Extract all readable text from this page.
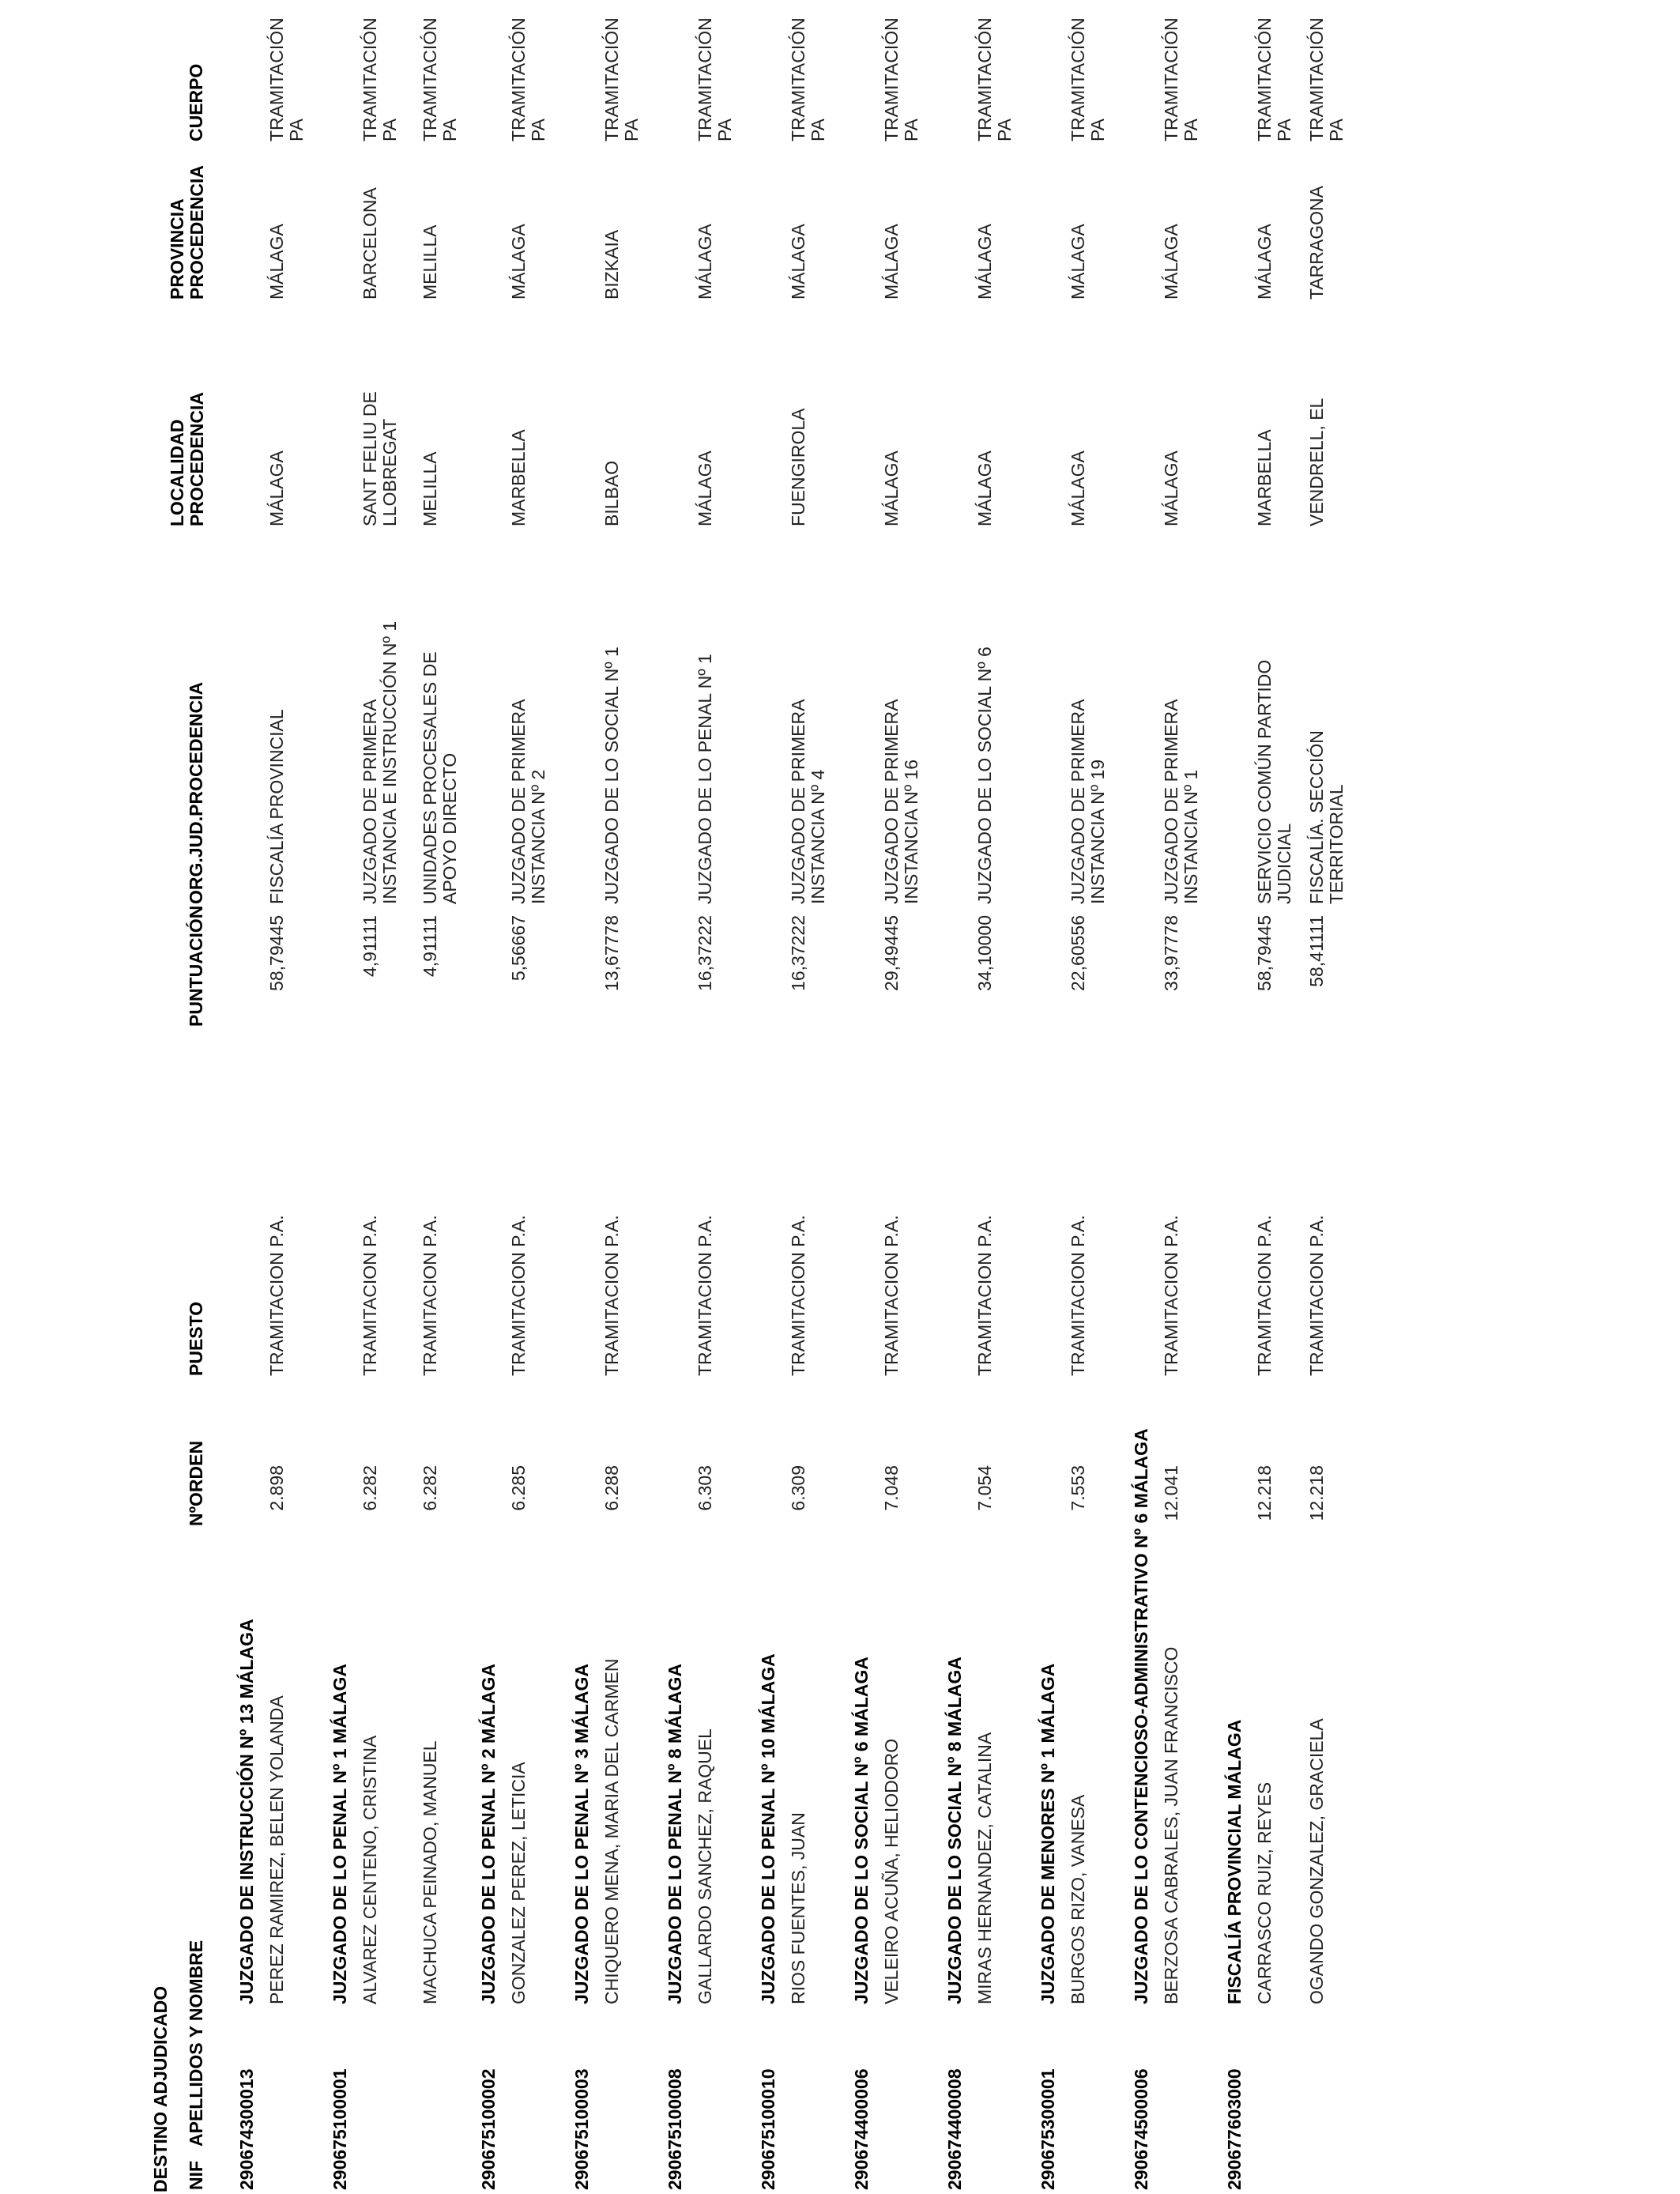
DESTINO ADJUDICADO NIF
APELLIDOS Y NOMBRE
NºORDEN
PUESTO
PUNTUACIÓN
ORG.JUD.PROCEDENCIA
LOCALIDAD PROCEDENCIA
PROVINCIA PROCEDENCIA
CUERPO
290674300013
JUZGADO DE INSTRUCCIÓN Nº 13 MÁLAGA PEREZ RAMIREZ, BELEN YOLANDA
2.898
TRAMITACION P.A.
58,79445
FISCALÍA PROVINCIAL
MÁLAGA
MÁLAGA
TRAMITACIÓN PA
290675100001
JUZGADO DE LO PENAL Nº 1 MÁLAGA ALVAREZ CENTENO, CRISTINA
6.282
TRAMITACION P.A.
4,91111
JUZGADO DE PRIMERA INSTANCIA E INSTRUCCIÓN Nº 1
SANT FELIU DE LLOBREGAT
BARCELONA
TRAMITACIÓN PA
MACHUCA PEINADO, MANUEL
6.282
TRAMITACION P.A.
4,91111
UNIDADES PROCESALES DE APOYO DIRECTO
MELILLA
MELILLA
TRAMITACIÓN PA
290675100002
JUZGADO DE LO PENAL Nº 2 MÁLAGA GONZALEZ PEREZ, LETICIA
6.285
TRAMITACION P.A.
5,56667
JUZGADO DE PRIMERA INSTANCIA Nº 2
MARBELLA
MÁLAGA
TRAMITACIÓN PA
290675100003
JUZGADO DE LO PENAL Nº 3 MÁLAGA CHIQUERO MENA, MARIA DEL CARMEN
6.288
TRAMITACION P.A.
13,67778
JUZGADO DE LO SOCIAL Nº 1
BILBAO
BIZKAIA
TRAMITACIÓN PA
290675100008
JUZGADO DE LO PENAL Nº 8 MÁLAGA GALLARDO SANCHEZ, RAQUEL
6.303
TRAMITACION P.A.
16,37222
JUZGADO DE LO PENAL Nº 1
MÁLAGA
MÁLAGA
TRAMITACIÓN PA
290675100010
JUZGADO DE LO PENAL Nº 10 MÁLAGA RIOS FUENTES, JUAN
6.309
TRAMITACION P.A.
16,37222
JUZGADO DE PRIMERA INSTANCIA Nº 4
FUENGIROLA
MÁLAGA
TRAMITACIÓN PA
290674400006
JUZGADO DE LO SOCIAL Nº 6 MÁLAGA VELEIRO ACUÑA, HELIODORO
7.048
TRAMITACION P.A.
29,49445
JUZGADO DE PRIMERA INSTANCIA Nº 16
MÁLAGA
MÁLAGA
TRAMITACIÓN PA
290674400008
JUZGADO DE LO SOCIAL Nº 8 MÁLAGA MIRAS HERNANDEZ, CATALINA
7.054
TRAMITACION P.A.
34,10000
JUZGADO DE LO SOCIAL Nº 6
MÁLAGA
MÁLAGA
TRAMITACIÓN PA
290675300001
JUZGADO DE MENORES Nº 1 MÁLAGA BURGOS RIZO, VANESA
7.553
TRAMITACION P.A.
22,60556
JUZGADO DE PRIMERA INSTANCIA Nº 19
MÁLAGA
MÁLAGA
TRAMITACIÓN PA
290674500006
JUZGADO DE LO CONTENCIOSO-ADMINISTRATIVO Nº 6 MÁLAGA BERZOSA CABRALES, JUAN FRANCISCO
12.041
TRAMITACION P.A.
33,97778
JUZGADO DE PRIMERA INSTANCIA Nº 1
MÁLAGA
MÁLAGA
TRAMITACIÓN PA
290677603000
FISCALÍA PROVINCIAL MÁLAGA CARRASCO RUIZ, REYES
12.218
TRAMITACION P.A.
58,79445
SERVICIO COMÚN PARTIDO JUDICIAL
MARBELLA
MÁLAGA
TRAMITACIÓN PA
OGANDO GONZALEZ, GRACIELA
12.218
TRAMITACION P.A.
58,41111
FISCALÍA. SECCIÓN TERRITORIAL
VENDRELL, EL
TARRAGONA
TRAMITACIÓN PA
